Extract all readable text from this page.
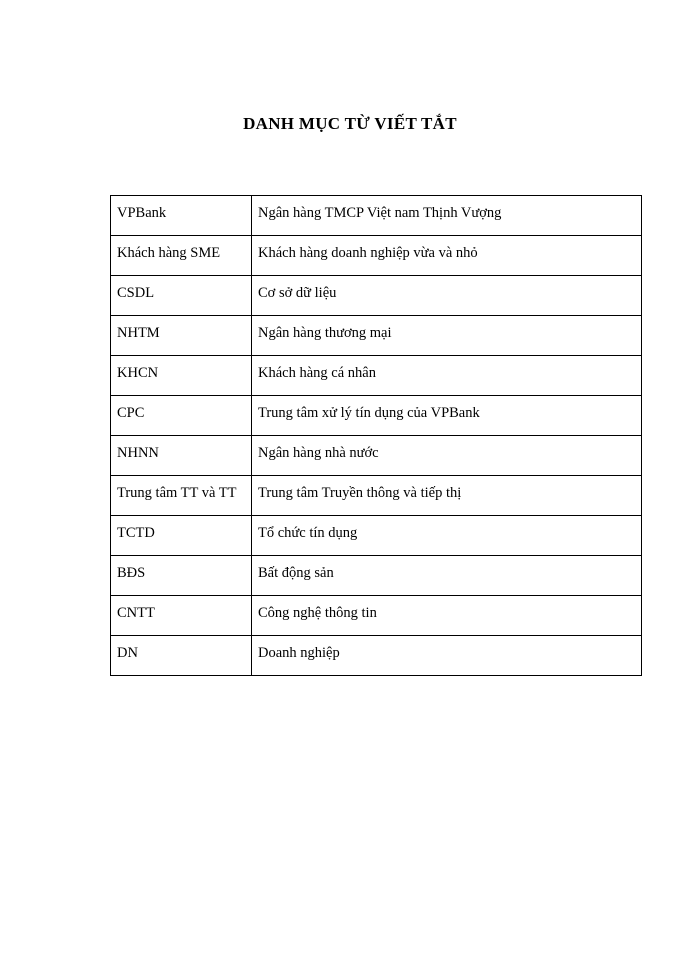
DANH MỤC TỪ VIẾT TẮT
VPBank	Ngân hàng TMCP Việt nam Thịnh Vượng
Khách hàng SME	Khách hàng doanh nghiệp vừa và nhỏ
CSDL	Cơ sở dữ liệu
NHTM	Ngân hàng thương mại
KHCN	Khách hàng cá nhân
CPC	Trung tâm xử lý tín dụng của VPBank
NHNN	Ngân hàng nhà nước
Trung tâm TT và TT	Trung tâm Truyền thông và tiếp thị
TCTD	Tổ chức tín dụng
BĐS	Bất động sản
CNTT	Công nghệ thông tin
DN	Doanh nghiệp
